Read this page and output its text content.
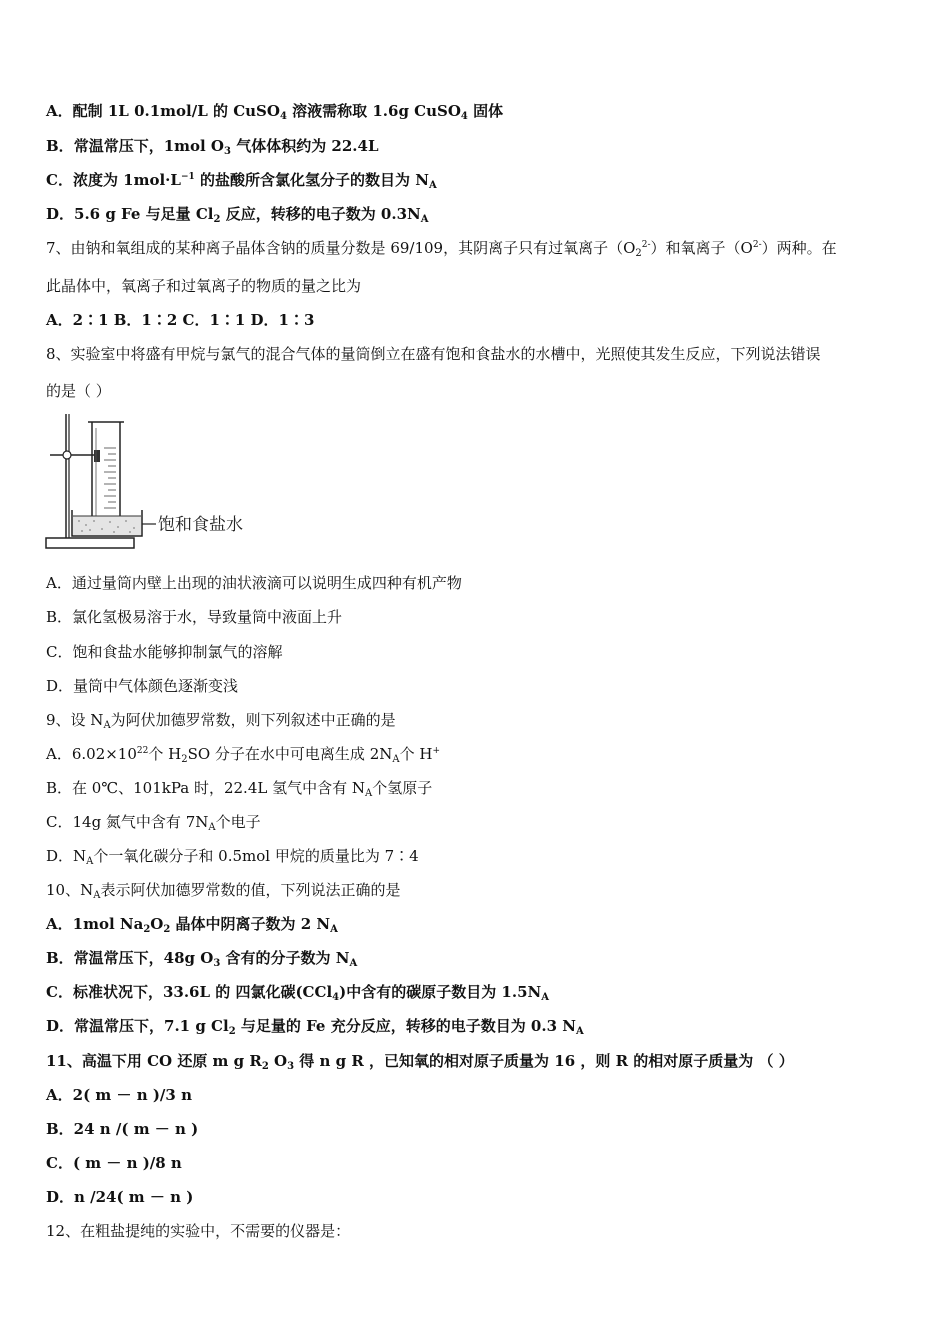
A．配制 1L 0.1mol/L 的 CuSO$_4$ 溶液需称取 1.6g CuSO$_4$ 固体
B．常温常压下，1mol $O_3$ 气体体积约为 22.4L
C．浓度为 $1mol\cdot L^{-1}$ 的盐酸所含氯化氢分子的数目为 $N_A$
D．5.6 g Fe 与足量 $Cl_2$ 反应，转移的电子数为 $0.3N_A$
7、由钠和氧组成的某种离子晶体含钠的质量分数是 69/109，其阴离子只有过氧离子$(O_2^{2-})$和氧离子$(O^{2-})$两种。在
此晶体中，氧离子和过氧离子的物质的量之比为
A．2∶1 B．1∶2 C．1∶1 D．1∶3
8、实验室中将盛有甲烷与氯气的混合气体的量筒倒立在盛有饱和食盐水的水槽中，光照使其发生反应，下列说法错误
的是（ ）
饱和食盐水
A．通过量筒内壁上出现的油状液滴可以说明生成四种有机产物
B．氯化氢极易溶于水，导致量筒中液面上升
C．饱和食盐水能够抑制氯气的溶解
D．量筒中气体颜色逐渐变浅
9、设 $N_A$为阿伏加德罗常数，则下列叙述中正确的是
A．$6.02\times 10^{22}$个 $H_2SO$ 分子在水中可电离生成 $2N_A$个 H+
B．在 0℃、101kPa 时，22.4L 氢气中含有 $N_A$个氢原子
C．14g 氮气中含有 $7N_A$个电子
D．$N_A$个一氧化碳分子和 0.5mol 甲烷的质量比为 7∶4
10、$N_A$表示阿伏加德罗常数的值，下列说法正确的是
A．1mol $Na_2O_2$ 晶体中阴离子数为 2 $N_A$
B．常温常压下，48g $O_3$ 含有的分子数为 $N_A$
C．标准状况下，33.6L 的 四氯化碳(CCl$_4$)中含有的碳原子数目为 $1.5N_A$
D．常温常压下，7.1 g $Cl_2$ 与足量的 Fe 充分反应，转移的电子数目为 0.3 $N_A$
11、高温下用 CO 还原 m g $R_2$ $O_3$ 得 n g R ，已知氧的相对原子质量为 16 ，则 R 的相对原子质量为 （ ）
A．2( m － n )/3 n
B．24 n /( m － n )
C．( m － n )/8 n
D．n /24( m － n )
12、在粗盐提纯的实验中，不需要的仪器是：
